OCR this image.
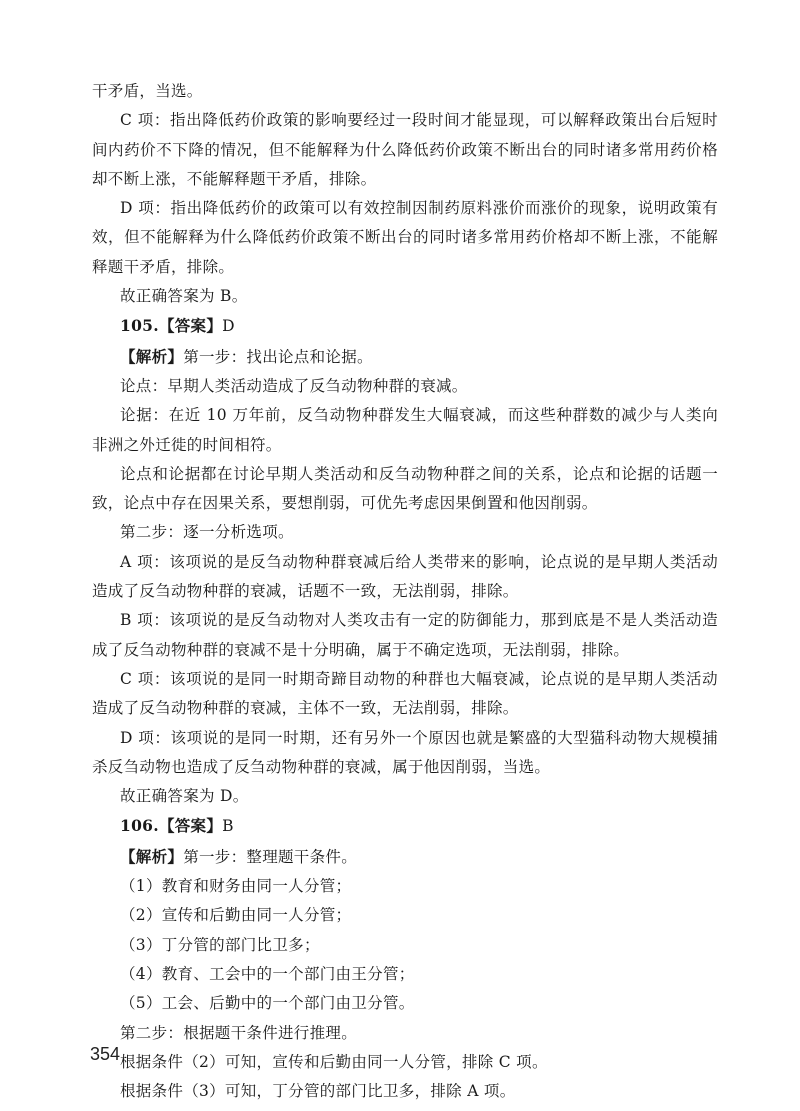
干矛盾，当选。

C 项：指出降低药价政策的影响要经过一段时间才能显现，可以解释政策出台后短时间内药价不下降的情况，但不能解释为什么降低药价政策不断出台的同时诸多常用药价格却不断上涨，不能解释题干矛盾，排除。

D 项：指出降低药价的政策可以有效控制因制药原料涨价而涨价的现象，说明政策有效，但不能解释为什么降低药价政策不断出台的同时诸多常用药价格却不断上涨，不能解释题干矛盾，排除。

故正确答案为 B。

105.【答案】D

【解析】第一步：找出论点和论据。

论点：早期人类活动造成了反刍动物种群的衰减。

论据：在近 10 万年前，反刍动物种群发生大幅衰减，而这些种群数的减少与人类向非洲之外迁徙的时间相符。

论点和论据都在讨论早期人类活动和反刍动物种群之间的关系，论点和论据的话题一致，论点中存在因果关系，要想削弱，可优先考虑因果倒置和他因削弱。

第二步：逐一分析选项。

A 项：该项说的是反刍动物种群衰减后给人类带来的影响，论点说的是早期人类活动造成了反刍动物种群的衰减，话题不一致，无法削弱，排除。

B 项：该项说的是反刍动物对人类攻击有一定的防御能力，那到底是不是人类活动造成了反刍动物种群的衰减不是十分明确，属于不确定选项，无法削弱，排除。

C 项：该项说的是同一时期奇蹄目动物的种群也大幅衰减，论点说的是早期人类活动造成了反刍动物种群的衰减，主体不一致，无法削弱，排除。

D 项：该项说的是同一时期，还有另外一个原因也就是繁盛的大型猫科动物大规模捕杀反刍动物也造成了反刍动物种群的衰减，属于他因削弱，当选。

故正确答案为 D。

106.【答案】B

【解析】第一步：整理题干条件。

（1）教育和财务由同一人分管；

（2）宣传和后勤由同一人分管；

（3）丁分管的部门比卫多；

（4）教育、工会中的一个部门由王分管；

（5）工会、后勤中的一个部门由卫分管。

第二步：根据题干条件进行推理。

根据条件（2）可知，宣传和后勤由同一人分管，排除 C 项。

根据条件（3）可知，丁分管的部门比卫多，排除 A 项。

354
